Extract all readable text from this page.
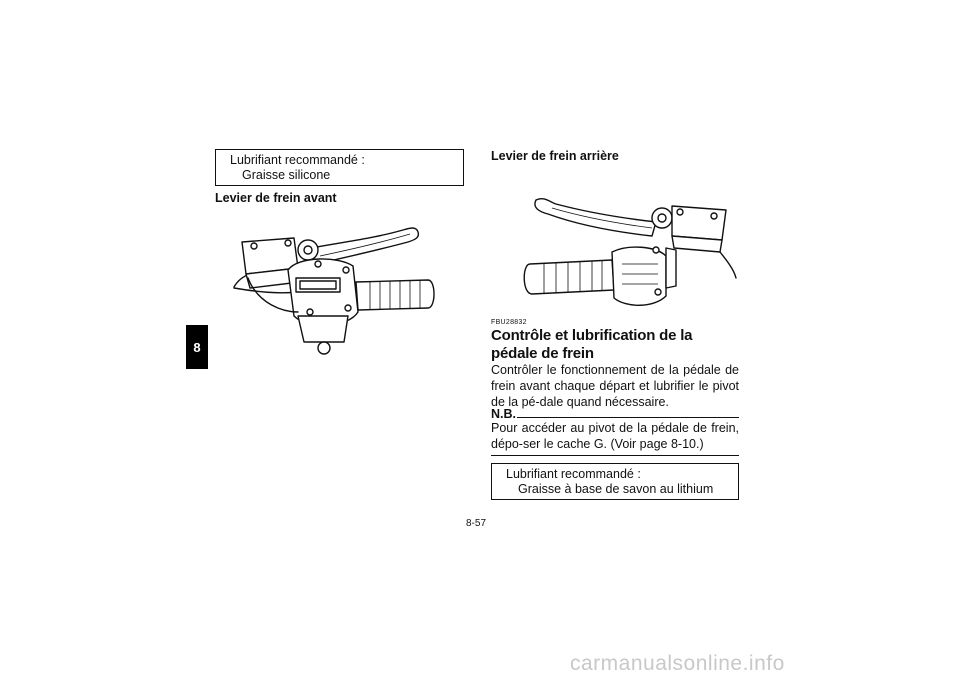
8
Lubrifiant recommandé :
Graisse silicone
Levier de frein avant
Levier de frein arrière
FBU28832
Contrôle et lubrification de la pédale de frein
Contrôler le fonctionnement de la pédale de frein avant chaque départ et lubrifier le pivot de la pé-dale quand nécessaire.
N.B.
Pour accéder au pivot de la pédale de frein, dépo-ser le cache G. (Voir page 8-10.)
Lubrifiant recommandé :
Graisse à base de savon au lithium
8-57
carmanualsonline.info
